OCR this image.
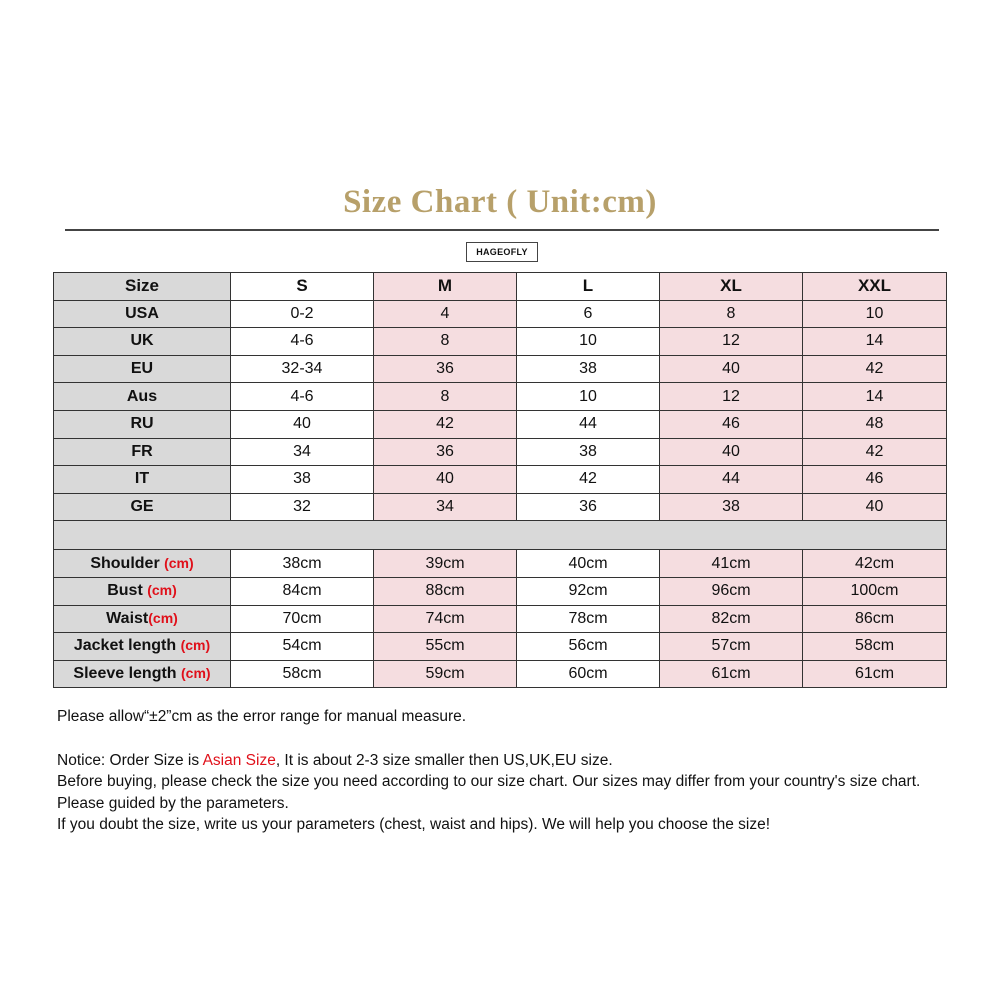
Size Chart ( Unit:cm)
HAGEOFLY
Size	S	M	L	XL	XXL
USA	0-2	4	6	8	10
UK	4-6	8	10	12	14
EU	32-34	36	38	40	42
Aus	4-6	8	10	12	14
RU	40	42	44	46	48
FR	34	36	38	40	42
IT	38	40	42	44	46
GE	32	34	36	38	40

Shoulder (cm)	38cm	39cm	40cm	41cm	42cm
Bust (cm)	84cm	88cm	92cm	96cm	100cm
Waist(cm)	70cm	74cm	78cm	82cm	86cm
Jacket length (cm)	54cm	55cm	56cm	57cm	58cm
Sleeve length (cm)	58cm	59cm	60cm	61cm	61cm

Please allow“±2”cm as the error range for manual measure.

Notice: Order Size is Asian Size, It is about 2-3 size smaller then US,UK,EU size.

Before buying, please check the size you need according to our size chart. Our sizes may differ from your country's size chart. Please guided by the parameters.

If you doubt the size, write us your parameters (chest, waist and hips). We will help you choose the size!
